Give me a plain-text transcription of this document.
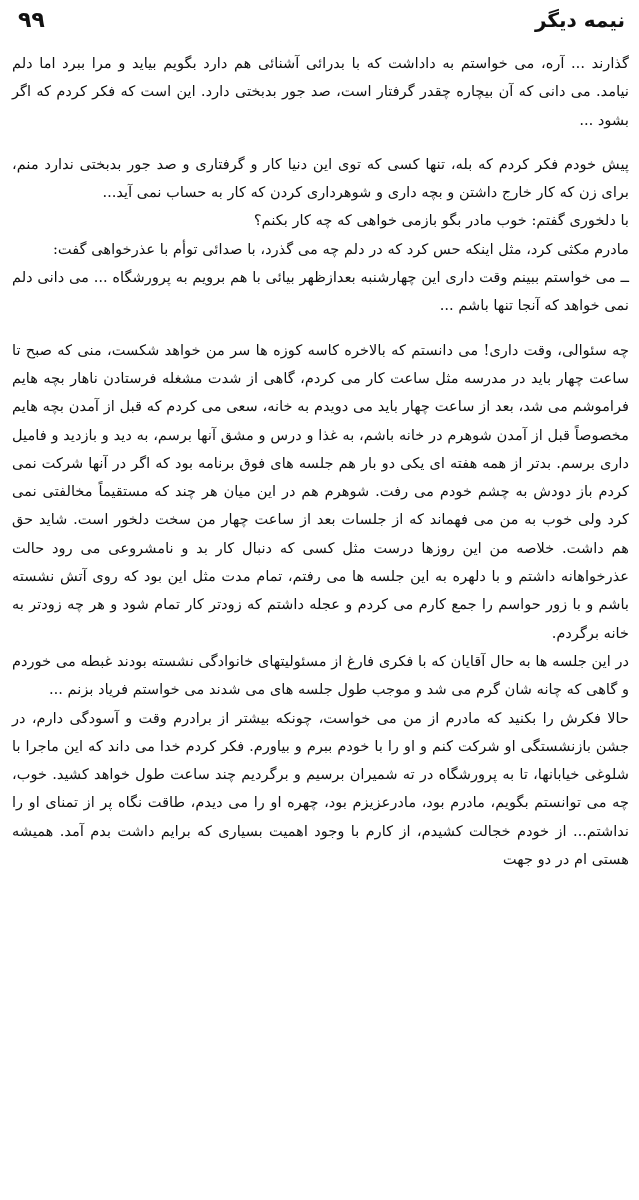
نیمه دیگر
۹۹

گذارند ... آره، می خواستم به داداشت که با بدرائی آشنائی هم دارد بگویم بیاید و مرا ببرد اما دلم نیامد. می دانی که آن بیچاره چقدر گرفتار است، صد جور بدبختی دارد. این است که فکر کردم که اگر بشود ...

پیش خودم فکر کردم که بله، تنها کسی که توی این دنیا کار و گرفتاری و صد جور بدبختی ندارد منم، برای زن که کار خارج داشتن و بچه داری و شوهرداری کردن که کار به حساب نمی آید...

با دلخوری گفتم: خوب مادر بگو بازمی خواهی که چه کار بکنم؟

مادرم مکثی کرد، مثل اینکه حس کرد که در دلم چه می گذرد، با صدائی توأم با عذرخواهی گفت:

ــ می خواستم ببینم وقت داری این چهارشنبه بعدازظهر بیائی با هم برویم به پرورشگاه ... می دانی دلم نمی خواهد که آنجا تنها باشم ...

چه سئوالی، وقت داری! می دانستم که بالاخره کاسه کوزه ها سر من خواهد شکست، منی که صبح تا ساعت چهار باید در مدرسه مثل ساعت کار می کردم، گاهی از شدت مشغله فرستادن ناهار بچه هایم فراموشم می شد، بعد از ساعت چهار باید می دویدم به خانه، سعی می کردم که قبل از آمدن بچه هایم مخصوصاً قبل از آمدن شوهرم در خانه باشم، به غذا و درس و مشق آنها برسم، به دید و بازدید و فامیل داری برسم. بدتر از همه هفته ای یکی دو بار هم جلسه های فوق برنامه بود که اگر در آنها شرکت نمی کردم باز دودش به چشم خودم می رفت. شوهرم هم در این میان هر چند که مستقیماً مخالفتی نمی کرد ولی خوب به من می فهماند که از جلسات بعد از ساعت چهار من سخت دلخور است. شاید حق هم داشت. خلاصه من این روزها درست مثل کسی که دنبال کار بد و نامشروعی می رود حالت عذرخواهانه داشتم و با دلهره به این جلسه ها می رفتم، تمام مدت مثل این بود که روی آتش نشسته باشم و با زور حواسم را جمع کارم می کردم و عجله داشتم که زودتر کار تمام شود و هر چه زودتر به خانه برگردم.

در این جلسه ها به حال آقایان که با فکری فارغ از مسئولیتهای خانوادگی نشسته بودند غبطه می خوردم و گاهی که چانه شان گرم می شد و موجب طول جلسه های می شدند می خواستم فریاد بزنم ...

حالا فکرش را بکنید که مادرم از من می خواست، چونکه بیشتر از برادرم وقت و آسودگی دارم، در جشن بازنشستگی او شرکت کنم و او را با خودم ببرم و بیاورم. فکر کردم خدا می داند که این ماجرا با شلوغی خیابانها، تا به پرورشگاه در ته شمیران برسیم و برگردیم چند ساعت طول خواهد کشید. خوب، چه می توانستم بگویم، مادرم بود، مادرعزیزم بود، چهره او را می دیدم، طاقت نگاه پر از تمنای او را نداشتم... از خودم خجالت کشیدم، از کارم با وجود اهمیت بسیاری که برایم داشت بدم آمد. همیشه هستی ام در دو جهت
